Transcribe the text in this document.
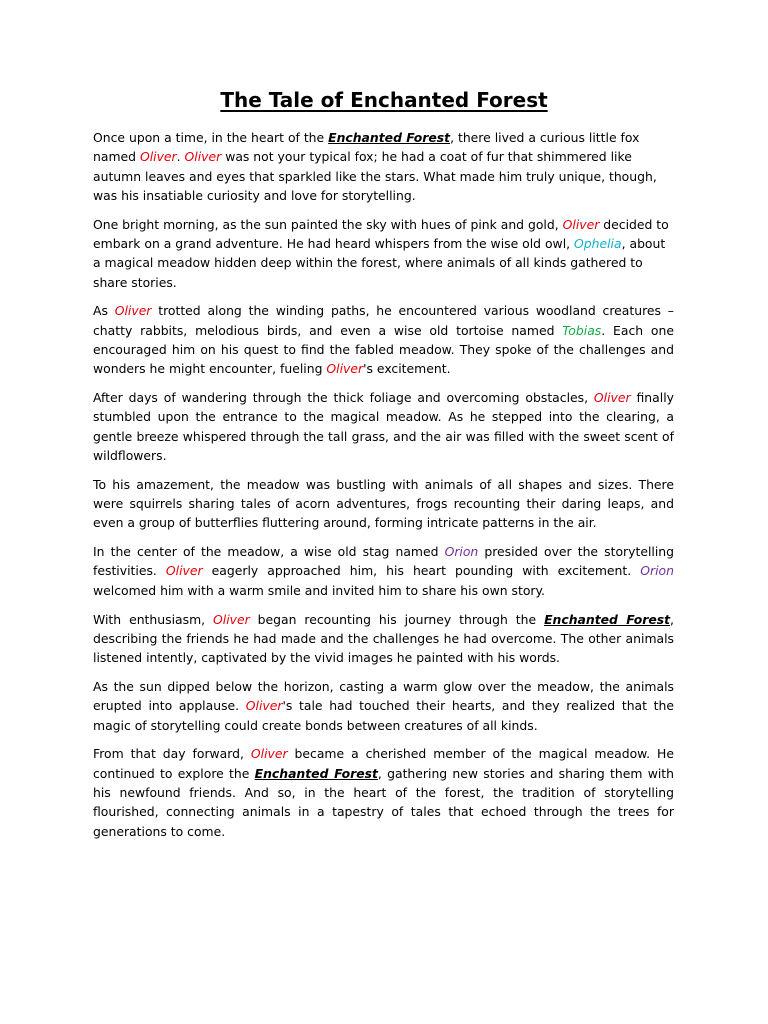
The Tale of Enchanted Forest

Once upon a time, in the heart of the Enchanted Forest, there lived a curious little fox named Oliver. Oliver was not your typical fox; he had a coat of fur that shimmered like autumn leaves and eyes that sparkled like the stars. What made him truly unique, though, was his insatiable curiosity and love for storytelling.

One bright morning, as the sun painted the sky with hues of pink and gold, Oliver decided to embark on a grand adventure. He had heard whispers from the wise old owl, Ophelia, about a magical meadow hidden deep within the forest, where animals of all kinds gathered to share stories.

As Oliver trotted along the winding paths, he encountered various woodland creatures – chatty rabbits, melodious birds, and even a wise old tortoise named Tobias. Each one encouraged him on his quest to find the fabled meadow. They spoke of the challenges and wonders he might encounter, fueling Oliver's excitement.

After days of wandering through the thick foliage and overcoming obstacles, Oliver finally stumbled upon the entrance to the magical meadow. As he stepped into the clearing, a gentle breeze whispered through the tall grass, and the air was filled with the sweet scent of wildflowers.

To his amazement, the meadow was bustling with animals of all shapes and sizes. There were squirrels sharing tales of acorn adventures, frogs recounting their daring leaps, and even a group of butterflies fluttering around, forming intricate patterns in the air.

In the center of the meadow, a wise old stag named Orion presided over the storytelling festivities. Oliver eagerly approached him, his heart pounding with excitement. Orion welcomed him with a warm smile and invited him to share his own story.

With enthusiasm, Oliver began recounting his journey through the Enchanted Forest, describing the friends he had made and the challenges he had overcome. The other animals listened intently, captivated by the vivid images he painted with his words.

As the sun dipped below the horizon, casting a warm glow over the meadow, the animals erupted into applause. Oliver's tale had touched their hearts, and they realized that the magic of storytelling could create bonds between creatures of all kinds.

From that day forward, Oliver became a cherished member of the magical meadow. He continued to explore the Enchanted Forest, gathering new stories and sharing them with his newfound friends. And so, in the heart of the forest, the tradition of storytelling flourished, connecting animals in a tapestry of tales that echoed through the trees for generations to come.
